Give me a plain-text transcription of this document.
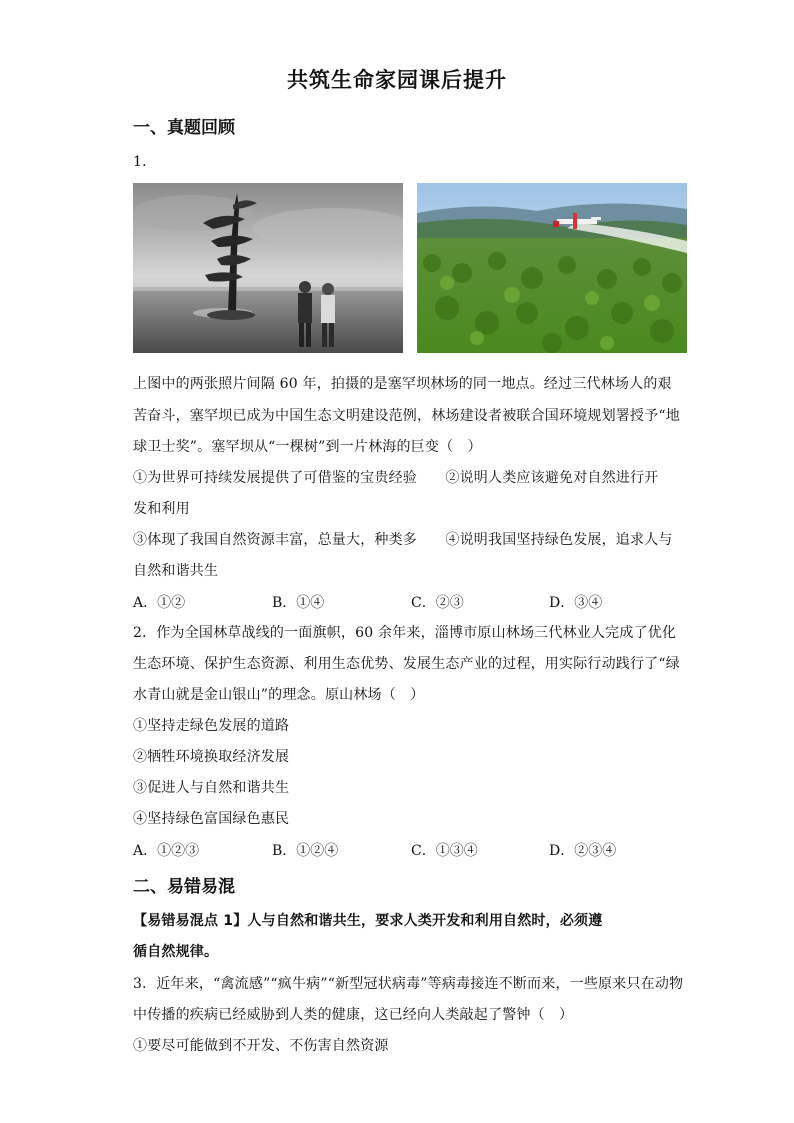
共筑生命家园课后提升
一、真题回顾
1．
上图中的两张照片间隔 60 年，拍摄的是塞罕坝林场的同一地点。经过三代林场人的艰
苦奋斗，塞罕坝已成为中国生态文明建设范例，林场建设者被联合国环境规划署授予“地
球卫士奖”。塞罕坝从“一棵树”到一片林海的巨变（　）
①为世界可持续发展提供了可借鉴的宝贵经验　　②说明人类应该避免对自然进行开
发和利用
③体现了我国自然资源丰富，总量大，种类多　　④说明我国坚持绿色发展，追求人与
自然和谐共生
A．①②	B．①④	C．②③	D．③④
2．作为全国林草战线的一面旗帜，60 余年来，淄博市原山林场三代林业人完成了优化
生态环境、保护生态资源、利用生态优势、发展生态产业的过程，用实际行动践行了“绿
水青山就是金山银山”的理念。原山林场（　）
①坚持走绿色发展的道路
②牺牲环境换取经济发展
③促进人与自然和谐共生
④坚持绿色富国绿色惠民
A．①②③	B．①②④	C．①③④	D．②③④
二、易错易混
【易错易混点 1】人与自然和谐共生，要求人类开发和利用自然时，必须遵
循自然规律。
3．近年来，“禽流感”“疯牛病”“新型冠状病毒”等病毒接连不断而来，一些原来只在动物
中传播的疾病已经威胁到人类的健康，这已经向人类敲起了警钟（　）
①要尽可能做到不开发、不伤害自然资源
